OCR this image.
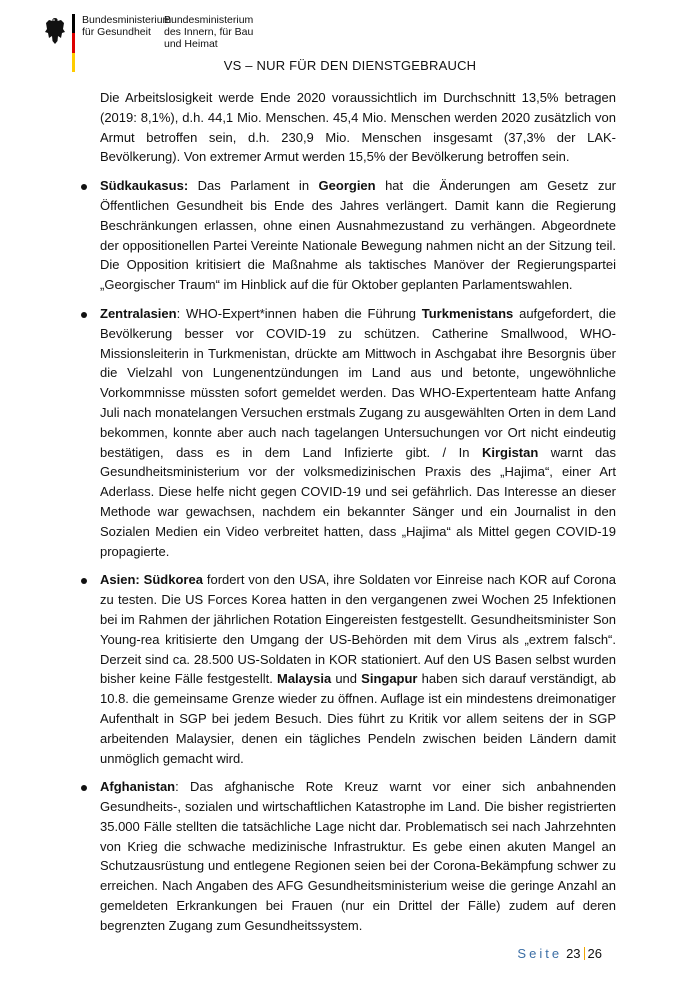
Bundesministerium
für Gesundheit
Bundesministerium
des Innern, für Bau
und Heimat
VS – NUR FÜR DEN DIENSTGEBRAUCH

Die Arbeitslosigkeit werde Ende 2020 voraussichtlich im Durchschnitt 13,5% betragen (2019: 8,1%), d.h. 44,1 Mio. Menschen. 45,4 Mio. Menschen werden 2020 zusätzlich von Armut betroffen sein, d.h. 230,9 Mio. Menschen insgesamt (37,3% der LAK-Bevölkerung). Von extremer Armut werden 15,5% der Bevölkerung betroffen sein.

Südkaukasus: Das Parlament in Georgien hat die Änderungen am Gesetz zur Öffentlichen Gesundheit bis Ende des Jahres verlängert. Damit kann die Regierung Beschränkungen erlassen, ohne einen Ausnahmezustand zu verhängen. Abgeordnete der oppositionellen Partei Vereinte Nationale Bewegung nahmen nicht an der Sitzung teil. Die Opposition kritisiert die Maßnahme als taktisches Manöver der Regierungspartei „Georgischer Traum“ im Hinblick auf die für Oktober geplanten Parlamentswahlen.

Zentralasien: WHO-Expert*innen haben die Führung Turkmenistans aufgefordert, die Bevölkerung besser vor COVID-19 zu schützen. Catherine Smallwood, WHO-Missionsleiterin in Turkmenistan, drückte am Mittwoch in Aschgabat ihre Besorgnis über die Vielzahl von Lungenentzündungen im Land aus und betonte, ungewöhnliche Vorkommnisse müssten sofort gemeldet werden. Das WHO-Expertenteam hatte Anfang Juli nach monatelangen Versuchen erstmals Zugang zu ausgewählten Orten in dem Land bekommen, konnte aber auch nach tagelangen Untersuchungen vor Ort nicht eindeutig bestätigen, dass es in dem Land Infizierte gibt. / In Kirgistan warnt das Gesundheitsministerium vor der volksmedizinischen Praxis des „Hajima“, einer Art Aderlass. Diese helfe nicht gegen COVID-19 und sei gefährlich. Das Interesse an dieser Methode war gewachsen, nachdem ein bekannter Sänger und ein Journalist in den Sozialen Medien ein Video verbreitet hatten, dass „Hajima“ als Mittel gegen COVID-19 propagierte.

Asien: Südkorea fordert von den USA, ihre Soldaten vor Einreise nach KOR auf Corona zu testen. Die US Forces Korea hatten in den vergangenen zwei Wochen 25 Infektionen bei im Rahmen der jährlichen Rotation Eingereisten festgestellt. Gesundheitsminister Son Young-rea kritisierte den Umgang der US-Behörden mit dem Virus als „extrem falsch“. Derzeit sind ca. 28.500 US-Soldaten in KOR stationiert. Auf den US Basen selbst wurden bisher keine Fälle festgestellt. Malaysia und Singapur haben sich darauf verständigt, ab 10.8. die gemeinsame Grenze wieder zu öffnen. Auflage ist ein mindestens dreimonatiger Aufenthalt in SGP bei jedem Besuch. Dies führt zu Kritik vor allem seitens der in SGP arbeitenden Malaysier, denen ein tägliches Pendeln zwischen beiden Ländern damit unmöglich gemacht wird.

Afghanistan: Das afghanische Rote Kreuz warnt vor einer sich anbahnenden Gesundheits-, sozialen und wirtschaftlichen Katastrophe im Land. Die bisher registrierten 35.000 Fälle stellten die tatsächliche Lage nicht dar. Problematisch sei nach Jahrzehnten von Krieg die schwache medizinische Infrastruktur. Es gebe einen akuten Mangel an Schutzausrüstung und entlegene Regionen seien bei der Corona-Bekämpfung schwer zu erreichen. Nach Angaben des AFG Gesundheitsministerium weise die geringe Anzahl an gemeldeten Erkrankungen bei Frauen (nur ein Drittel der Fälle) zudem auf deren begrenzten Zugang zum Gesundheitssystem.

Seite 23 26
